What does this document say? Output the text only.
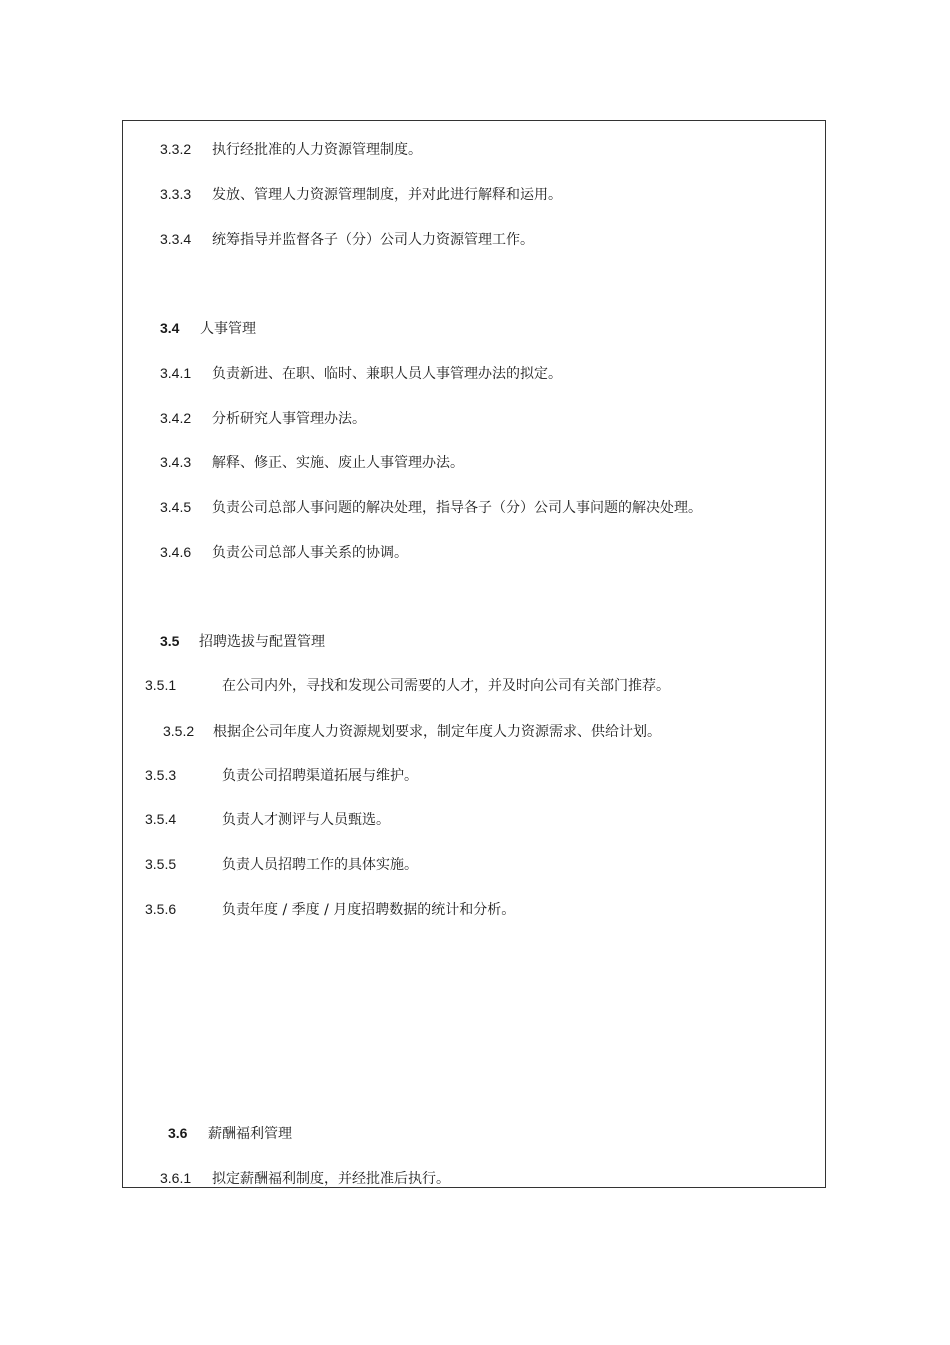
3.3.2 执行经批准的人力资源管理制度。
3.3.3 发放、管理人力资源管理制度，并对此进行解释和运用。
3.3.4 统筹指导并监督各子（分）公司人力资源管理工作。
3.4 人事管理
3.4.1 负责新进、在职、临时、兼职人员人事管理办法的拟定。
3.4.2 分析研究人事管理办法。
3.4.3 解释、修正、实施、废止人事管理办法。
3.4.5 负责公司总部人事问题的解决处理，指导各子（分）公司人事问题的解决处理。
3.4.6 负责公司总部人事关系的协调。
3.5 招聘选拔与配置管理
3.5.1	在公司内外，寻找和发现公司需要的人才，并及时向公司有关部门推荐。
3.5.2 根据企公司年度人力资源规划要求，制定年度人力资源需求、供给计划。
3.5.3	负责公司招聘渠道拓展与维护。
3.5.4	负责人才测评与人员甄选。
3.5.5	负责人员招聘工作的具体实施。
3.5.6	负责年度 / 季度 / 月度招聘数据的统计和分析。
3.6 薪酬福利管理
3.6.1 拟定薪酬福利制度，并经批准后执行。
